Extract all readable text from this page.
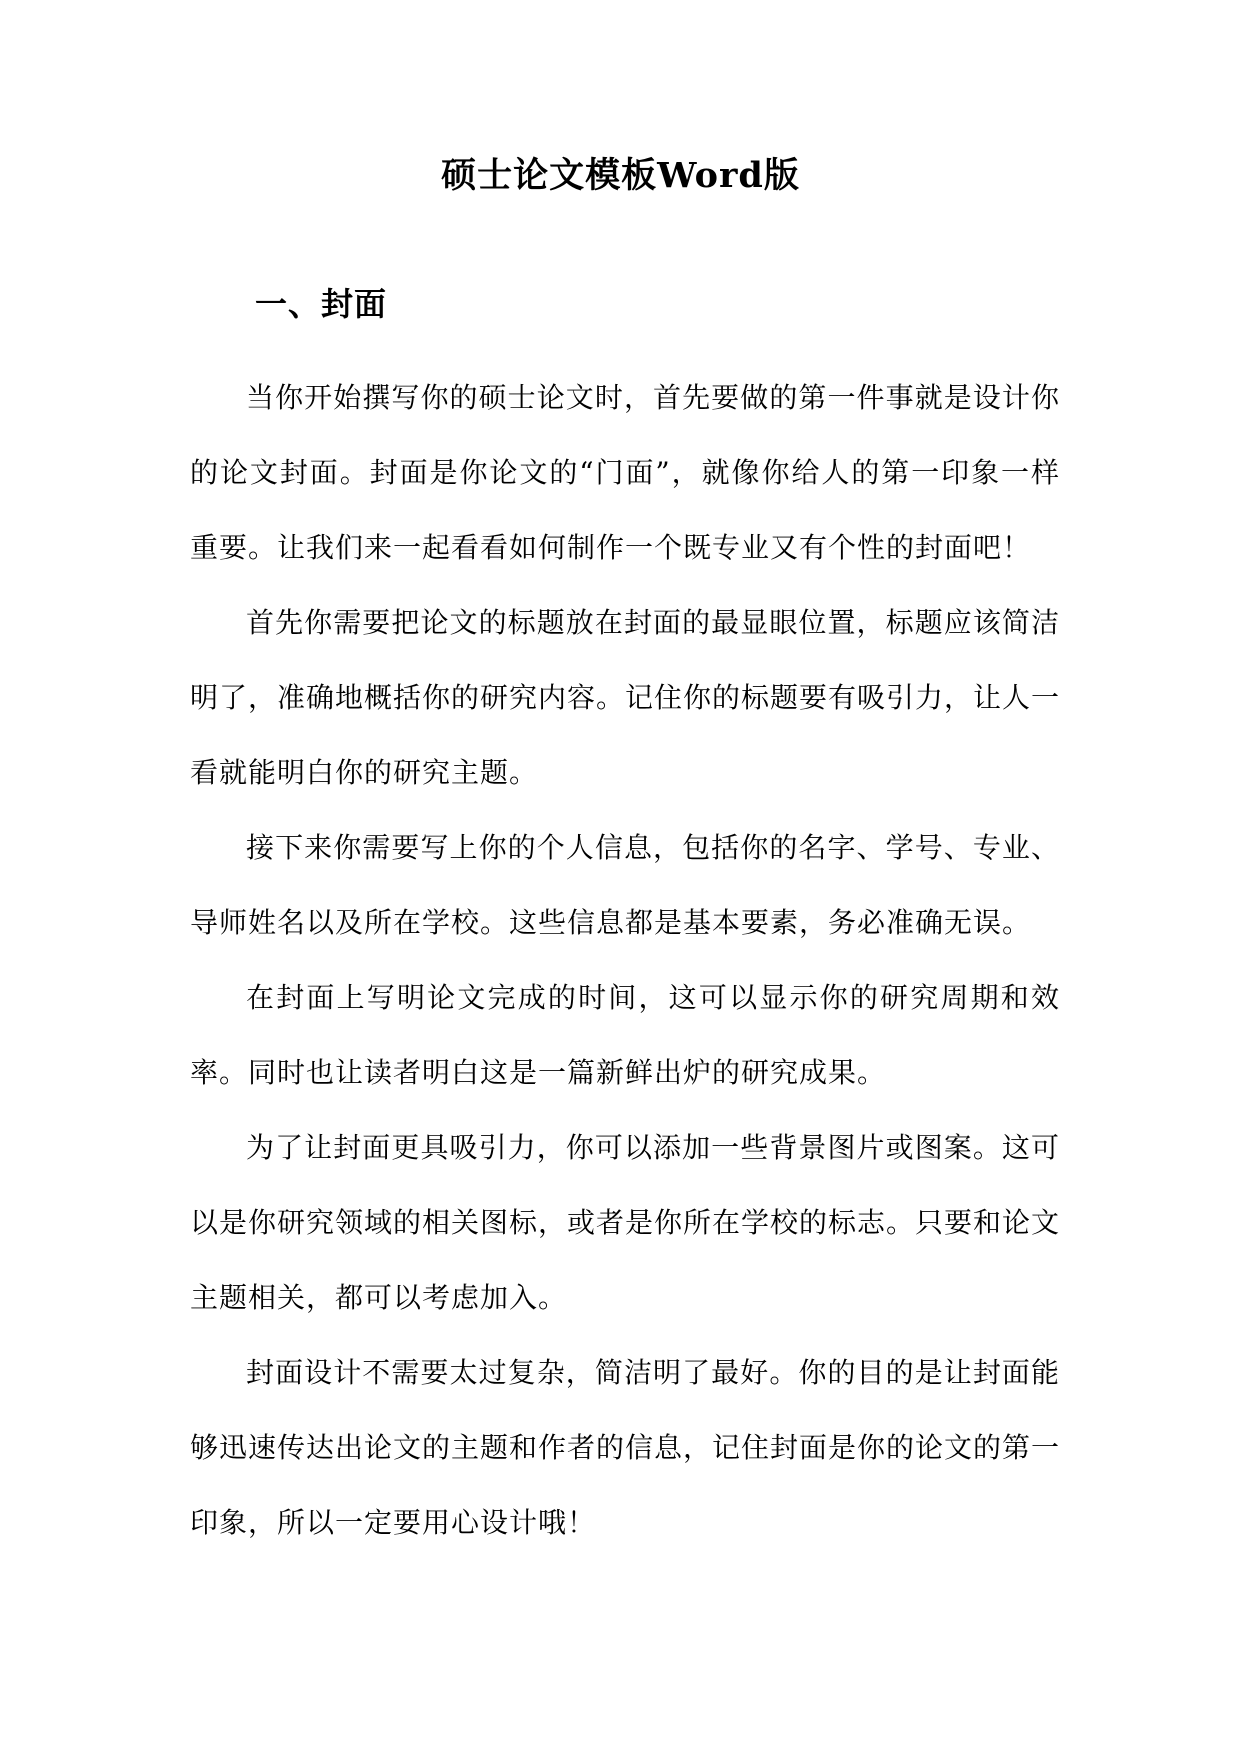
硕士论文模板Word版
一、封面

当你开始撰写你的硕士论文时，首先要做的第一件事就是设计你的论文封面。封面是你论文的“门面”，就像你给人的第一印象一样重要。让我们来一起看看如何制作一个既专业又有个性的封面吧！

首先你需要把论文的标题放在封面的最显眼位置，标题应该简洁明了，准确地概括你的研究内容。记住你的标题要有吸引力，让人一看就能明白你的研究主题。

接下来你需要写上你的个人信息，包括你的名字、学号、专业、导师姓名以及所在学校。这些信息都是基本要素，务必准确无误。

在封面上写明论文完成的时间，这可以显示你的研究周期和效率。同时也让读者明白这是一篇新鲜出炉的研究成果。

为了让封面更具吸引力，你可以添加一些背景图片或图案。这可以是你研究领域的相关图标，或者是你所在学校的标志。只要和论文主题相关，都可以考虑加入。

封面设计不需要太过复杂，简洁明了最好。你的目的是让封面能够迅速传达出论文的主题和作者的信息，记住封面是你的论文的第一印象，所以一定要用心设计哦！
